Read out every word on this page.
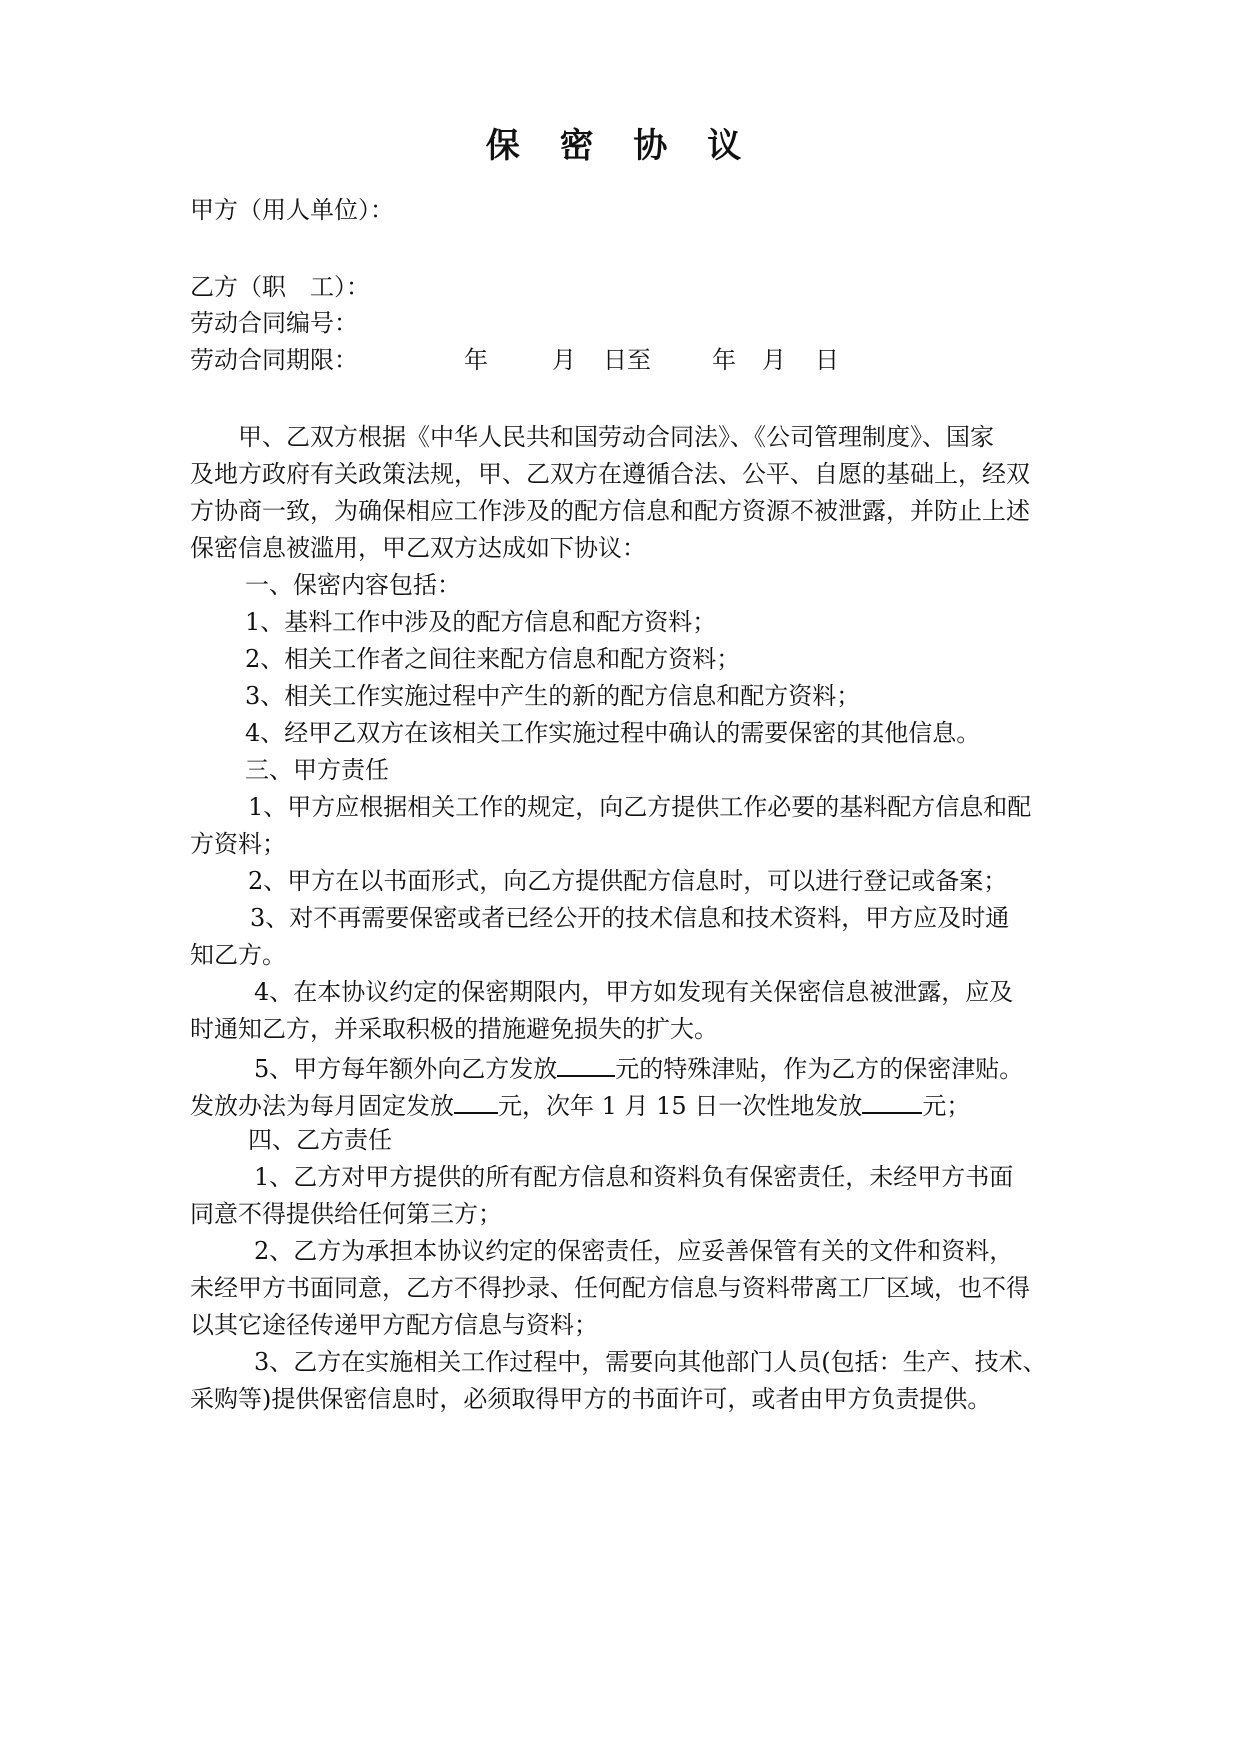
保 密 协 议
甲方（用人单位）：
乙方（职　工）：
劳动合同编号：
劳动合同期限：	年	月 日至	年 月 日
甲、乙双方根据《中华人民共和国劳动合同法》、《公司管理制度》、国家
及地方政府有关政策法规，甲、乙双方在遵循合法、公平、自愿的基础上，经双
方协商一致，为确保相应工作涉及的配方信息和配方资源不被泄露，并防止上述
保密信息被滥用，甲乙双方达成如下协议：
一、保密内容包括：
1、基料工作中涉及的配方信息和配方资料；
2、相关工作者之间往来配方信息和配方资料；
3、相关工作实施过程中产生的新的配方信息和配方资料；
4、经甲乙双方在该相关工作实施过程中确认的需要保密的其他信息。
三、甲方责任
1、甲方应根据相关工作的规定，向乙方提供工作必要的基料配方信息和配
方资料；
2、甲方在以书面形式，向乙方提供配方信息时，可以进行登记或备案；
3、对不再需要保密或者已经公开的技术信息和技术资料，甲方应及时通
知乙方。
4、在本协议约定的保密期限内，甲方如发现有关保密信息被泄露，应及
时通知乙方，并采取积极的措施避免损失的扩大。
5、甲方每年额外向乙方发放 元的特殊津贴，作为乙方的保密津贴。
发放办法为每月固定发放 元，次年 1 月 15 日一次性地发放	元；
四、乙方责任
1、乙方对甲方提供的所有配方信息和资料负有保密责任，未经甲方书面
同意不得提供给任何第三方；
2、乙方为承担本协议约定的保密责任，应妥善保管有关的文件和资料，
未经甲方书面同意，乙方不得抄录、任何配方信息与资料带离工厂区域，也不得
以其它途径传递甲方配方信息与资料；
3、乙方在实施相关工作过程中，需要向其他部门人员(包括：生产、技术、
采购等)提供保密信息时，必须取得甲方的书面许可，或者由甲方负责提供。
